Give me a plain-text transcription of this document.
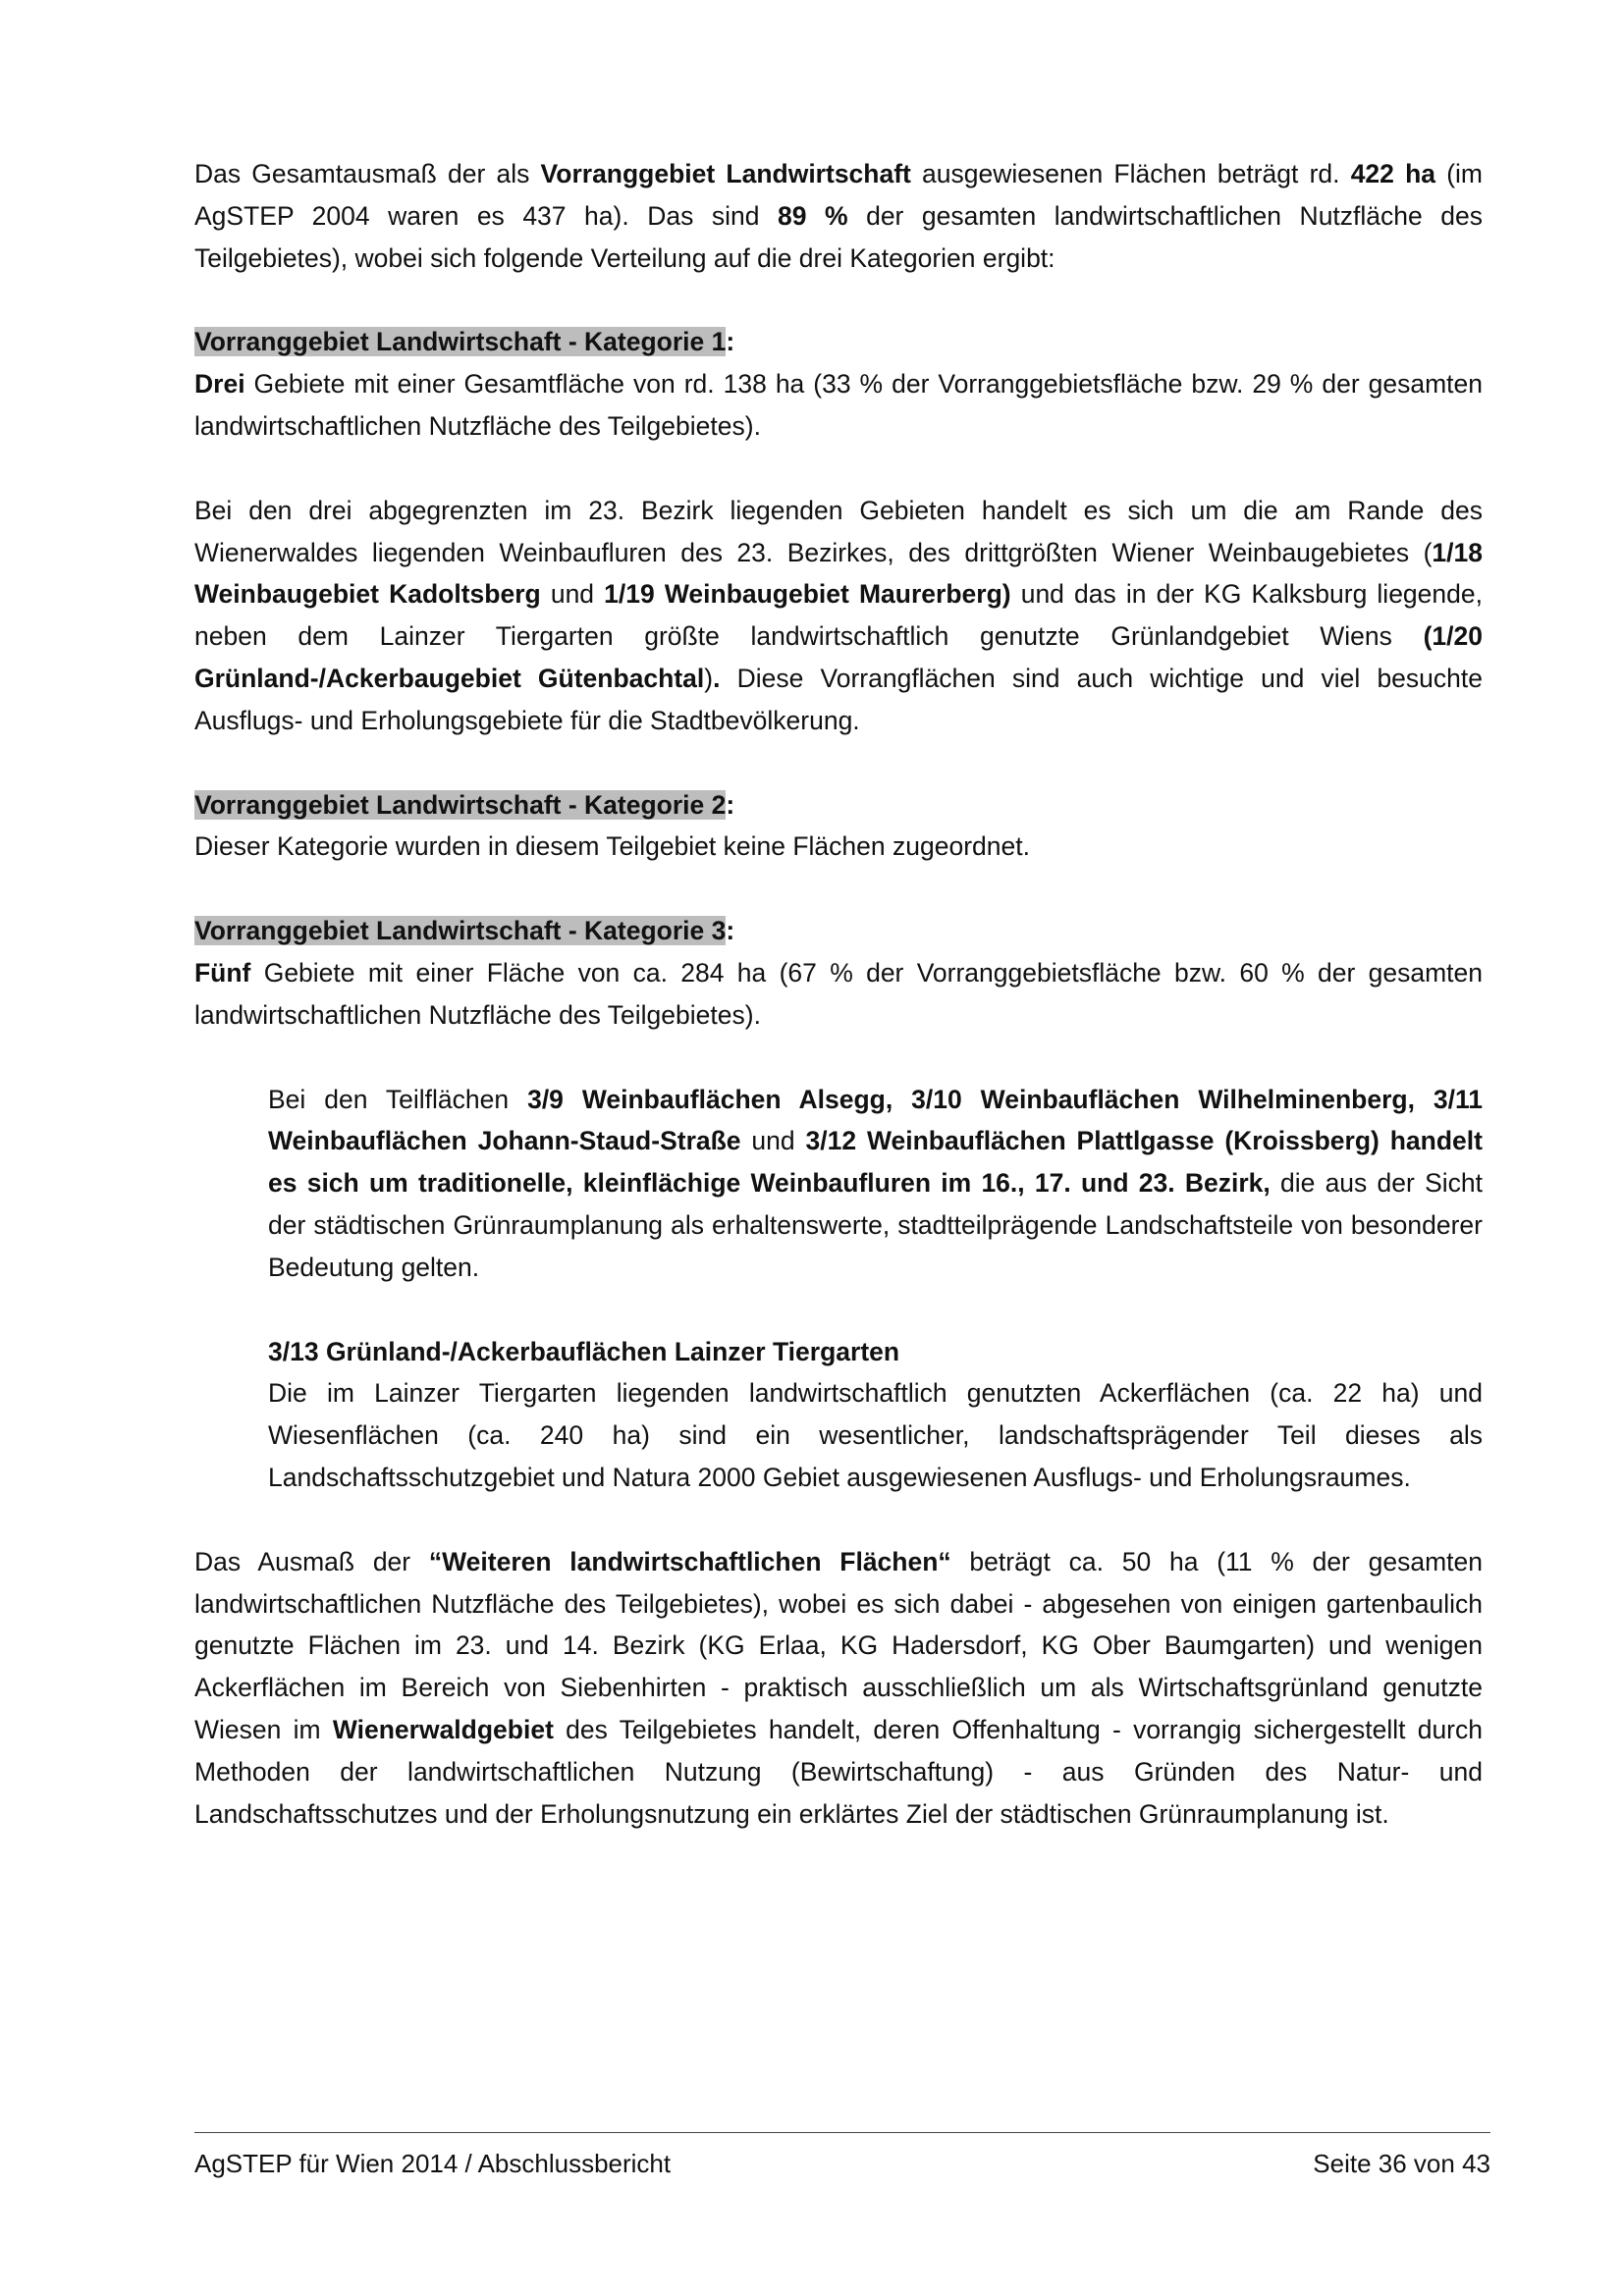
Das Gesamtausmaß der als Vorranggebiet Landwirtschaft ausgewiesenen Flächen beträgt rd. 422 ha (im AgSTEP 2004 waren es 437 ha). Das sind 89 % der gesamten landwirtschaftlichen Nutzfläche des Teilgebietes), wobei sich folgende Verteilung auf die drei Kategorien ergibt:

Vorranggebiet Landwirtschaft - Kategorie 1:

Drei Gebiete mit einer Gesamtfläche von rd. 138 ha (33 % der Vorranggebietsfläche bzw. 29 % der gesamten landwirtschaftlichen Nutzfläche des Teilgebietes).

Bei den drei abgegrenzten im 23. Bezirk liegenden Gebieten handelt es sich um die am Rande des Wienerwaldes liegenden Weinbaufluren des 23. Bezirkes, des drittgrößten Wiener Weinbaugebietes (1/18 Weinbaugebiet Kadoltsberg und 1/19 Weinbaugebiet Maurerberg) und das in der KG Kalksburg liegende, neben dem Lainzer Tiergarten größte landwirtschaftlich genutzte Grünlandgebiet Wiens (1/20 Grünland-/Ackerbaugebiet Gütenbachtal). Diese Vorrangflächen sind auch wichtige und viel besuchte Ausflugs- und Erholungsgebiete für die Stadtbevölkerung.

Vorranggebiet Landwirtschaft - Kategorie 2:

Dieser Kategorie wurden in diesem Teilgebiet keine Flächen zugeordnet.

Vorranggebiet Landwirtschaft - Kategorie 3:

Fünf Gebiete mit einer Fläche von ca. 284 ha (67 % der Vorranggebietsfläche bzw. 60 % der gesamten landwirtschaftlichen Nutzfläche des Teilgebietes).

Bei den Teilflächen 3/9 Weinbauflächen Alsegg, 3/10 Weinbauflächen Wilhelminenberg, 3/11 Weinbauflächen Johann-Staud-Straße und 3/12 Weinbauflächen Plattlgasse (Kroissberg) handelt es sich um traditionelle, kleinflächige Weinbaufluren im 16., 17. und 23. Bezirk, die aus der Sicht der städtischen Grünraumplanung als erhaltenswerte, stadtteilprägende Landschaftsteile von besonderer Bedeutung gelten.

3/13 Grünland-/Ackerbauflächen Lainzer Tiergarten

Die im Lainzer Tiergarten liegenden landwirtschaftlich genutzten Ackerflächen (ca. 22 ha) und Wiesenflächen (ca. 240 ha) sind ein wesentlicher, landschaftsprägender Teil dieses als Landschaftsschutzgebiet und Natura 2000 Gebiet ausgewiesenen Ausflugs- und Erholungsraumes.

Das Ausmaß der “Weiteren landwirtschaftlichen Flächen“ beträgt ca. 50 ha (11 % der gesamten landwirtschaftlichen Nutzfläche des Teilgebietes), wobei es sich dabei - abgesehen von einigen gartenbaulich genutzte Flächen im 23. und 14. Bezirk (KG Erlaa, KG Hadersdorf, KG Ober Baumgarten) und wenigen Ackerflächen im Bereich von Siebenhirten - praktisch ausschließlich um als Wirtschaftsgrünland genutzte Wiesen im Wienerwaldgebiet des Teilgebietes handelt, deren Offenhaltung - vorrangig sichergestellt durch Methoden der landwirtschaftlichen Nutzung (Bewirtschaftung) - aus Gründen des Natur- und Landschaftsschutzes und der Erholungsnutzung ein erklärtes Ziel der städtischen Grünraumplanung ist.

AgSTEP für Wien 2014 / Abschlussbericht	Seite 36 von 43
